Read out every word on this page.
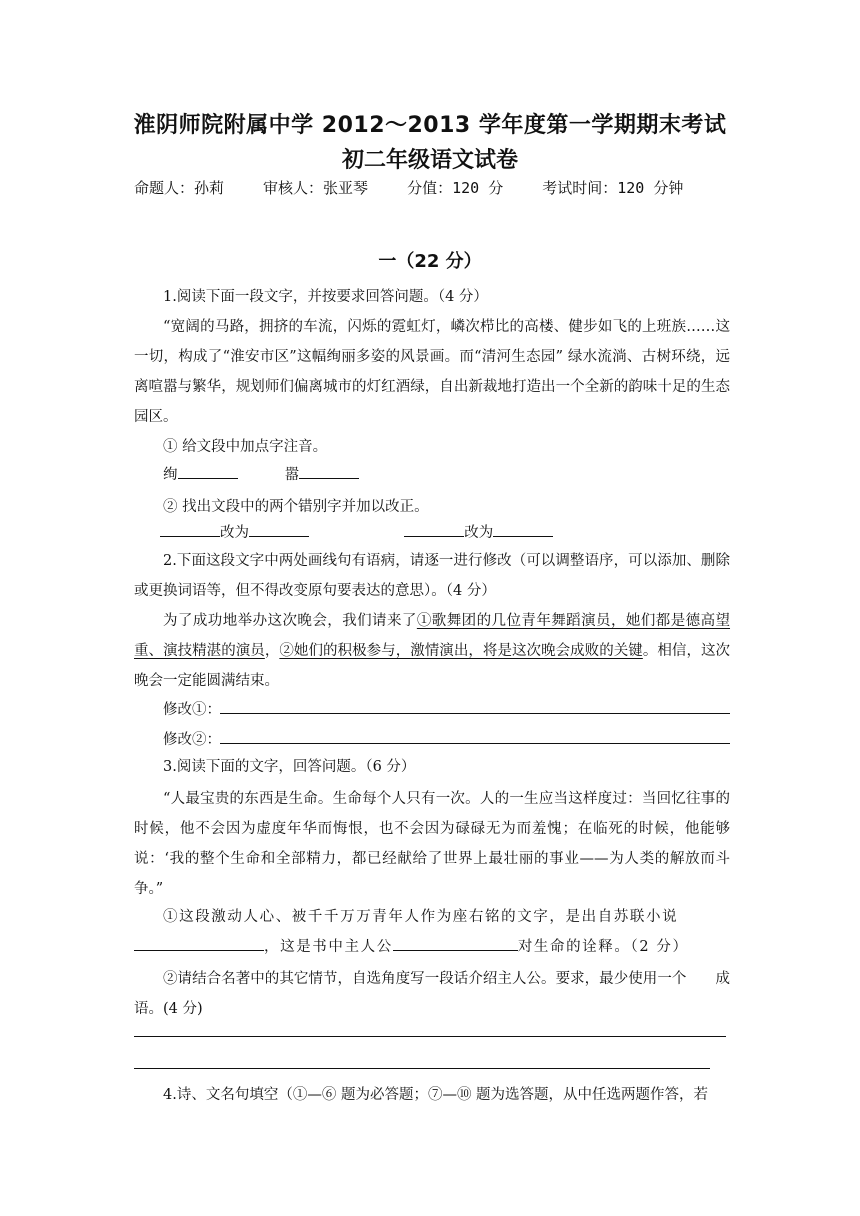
淮阴师院附属中学 2012～2013 学年度第一学期期末考试
初二年级语文试卷
命题人：孙莉	审核人：张亚琴	分值：120 分	考试时间：120 分钟
一（22 分）
1.阅读下面一段文字，并按要求回答问题。（4 分）
“宽阔的马路，拥挤的车流，闪烁的霓虹灯，嶙次栉比的高楼、健步如飞的上班族……这一切，构成了“淮安市区”这幅绚丽多姿的风景画。而“清河生态园” 绿水流淌、古树环绕，远离喧嚣与繁华，规划师们偏离城市的灯红酒绿，自出新裁地打造出一个全新的韵味十足的生态园区。
① 给文段中加点字注音。
绚	嚣
② 找出文段中的两个错别字并加以改正。
改为	改为
2.下面这段文字中两处画线句有语病，请逐一进行修改（可以调整语序，可以添加、删除或更换词语等，但不得改变原句要表达的意思）。（4 分）
为了成功地举办这次晚会，我们请来了①歌舞团的几位青年舞蹈演员，她们都是德高望重、演技精湛的演员，②她们的积极参与，激情演出，将是这次晚会成败的关键。相信，这次晚会一定能圆满结束。
修改①：
修改②：
3.阅读下面的文字，回答问题。（6 分）
“人最宝贵的东西是生命。生命每个人只有一次。人的一生应当这样度过：当回忆往事的时候，他不会因为虚度年华而悔恨，也不会因为碌碌无为而羞愧；在临死的时候，他能够说：‘我的整个生命和全部精力，都已经献给了世界上最壮丽的事业——为人类的解放而斗争。”
①这段激动人心、被千千万万青年人作为座右铭的文字，是出自苏联小说，这是书中主人公	对生命的诠释。（2 分）
②请结合名著中的其它情节，自选角度写一段话介绍主人公。要求，最少使用一个　　成语。(4 分)
4.诗、文名句填空（①—⑥ 题为必答题；⑦—⑩ 题为选答题，从中任选两题作答，若
